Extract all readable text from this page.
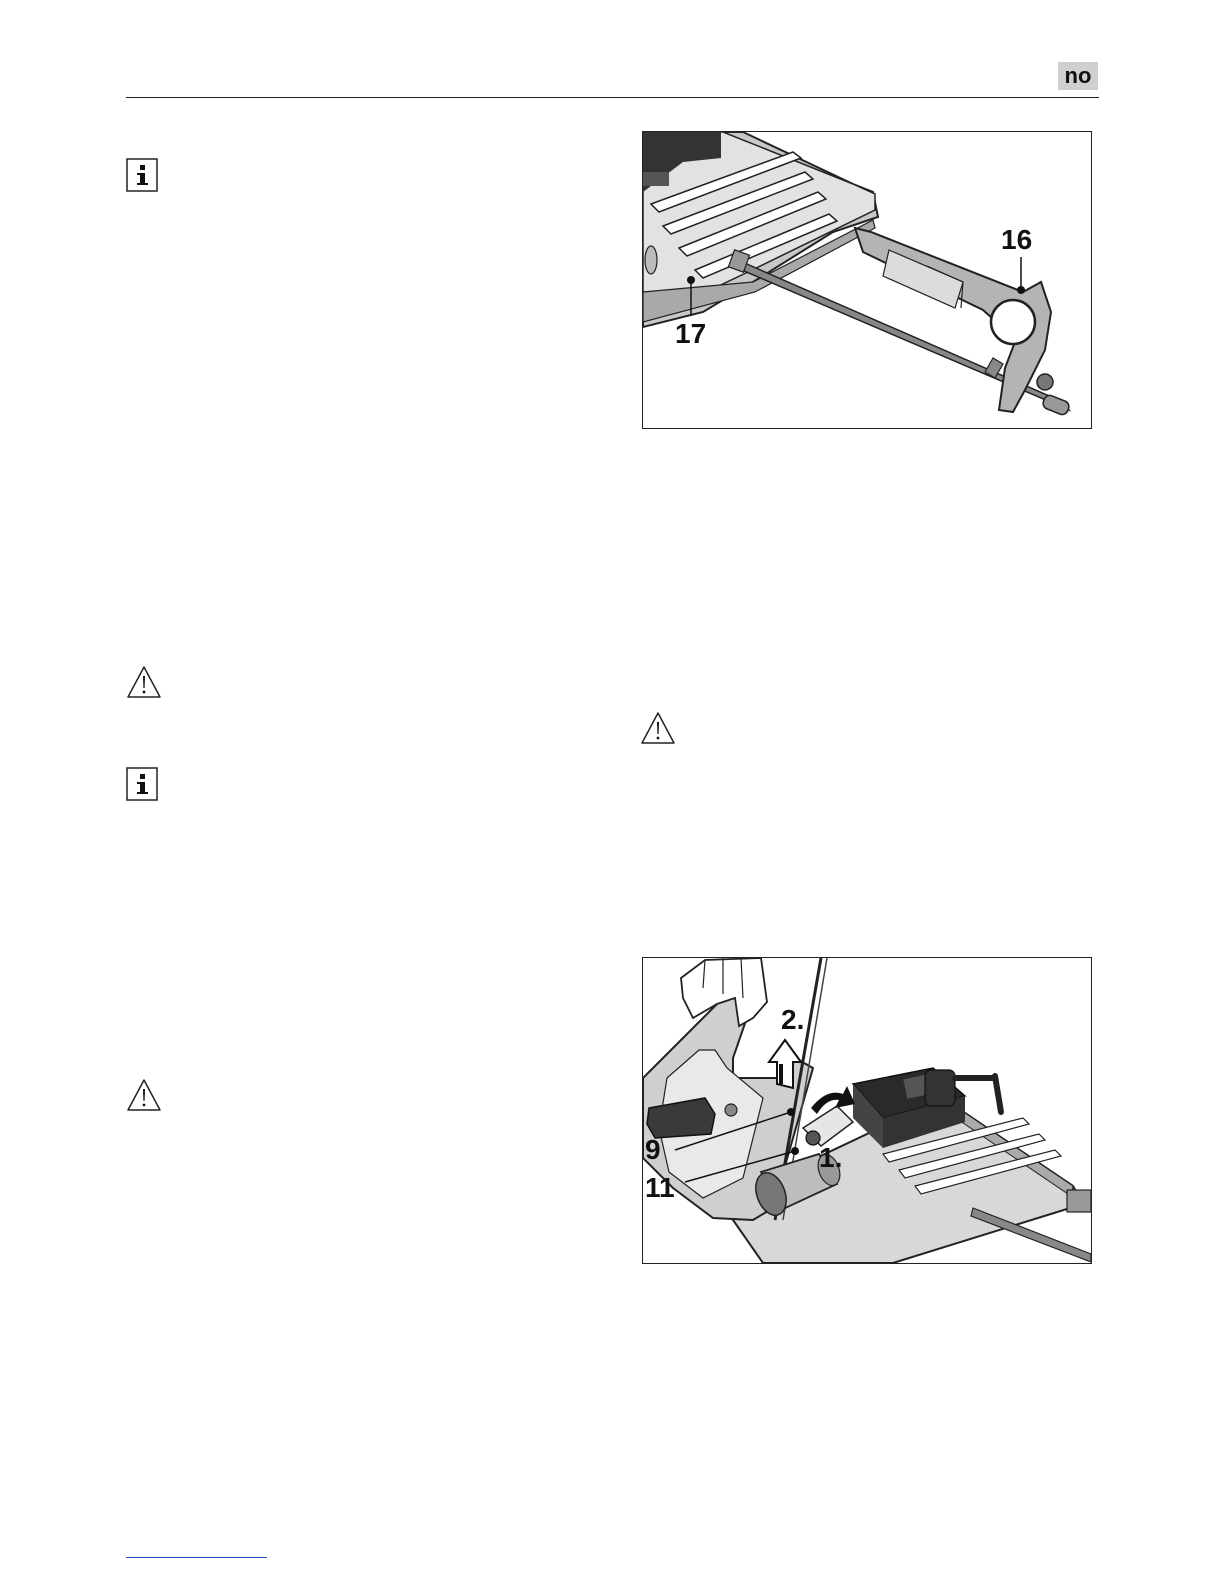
no
16
17
2.
9	1.
11
